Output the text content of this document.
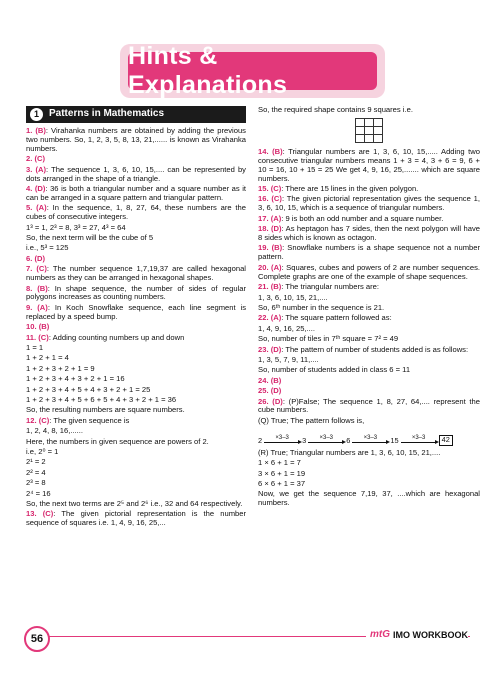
Hints & Explanations
1	Patterns in Mathematics

1. (B): Virahanka numbers are obtained by adding the previous two numbers. So, 1, 2, 3, 5, 8, 13, 21,...... is known as Virahanka numbers.

2. (C)

3. (A): The sequence 1, 3, 6, 10, 15,.... can be represented by dots arranged in the shape of a triangle.

4. (D): 36 is both a triangular number and a square number as it can be arranged in a square pattern and triangular pattern.

5. (A): In the sequence, 1, 8, 27, 64, these numbers are the cubes of consecutive integers.

1³ = 1, 2³ = 8, 3³ = 27, 4³ = 64

So, the next term will be the cube of 5

i.e., 5³ = 125

6. (D)

7. (C): The number sequence 1,7,19,37 are called hexagonal numbers as they can be arranged in hexagonal shapes.

8. (B): In shape sequence, the number of sides of regular polygons increases as counting numbers.

9. (A): In Koch Snowflake sequence, each line segment is replaced by a speed bump.

10. (B)

11. (C): Adding counting numbers up and down

1 = 1

1 + 2 + 1 = 4

1 + 2 + 3 + 2 + 1 = 9

1 + 2 + 3 + 4 + 3 + 2 + 1 = 16

1 + 2 + 3 + 4 + 5 + 4 + 3 + 2 + 1 = 25

1 + 2 + 3 + 4 + 5 + 6 + 5 + 4 + 3 + 2 + 1 = 36

So, the resulting numbers are square numbers.

12. (C): The given sequence is

1, 2, 4, 8, 16,......

Here, the numbers in given sequence are powers of 2.

i.e, 2⁰ = 1

2¹ = 2

2² = 4

2³ = 8

2⁴ = 16

So, the next two terms are 2⁵ and 2⁶ i.e., 32 and 64 respectively.

13. (C): The given pictorial representation is the number sequence of squares i.e. 1, 4, 9, 16, 25,...

So, the required shape contains 9 squares i.e.

14. (B): Triangular numbers are 1, 3, 6, 10, 15,..... Adding two consecutive triangular numbers means 1 + 3 = 4, 3 + 6 = 9, 6 + 10 = 16, 10 + 15 = 25 We get 4, 9, 16, 25,....... which are square numbers.

15. (C): There are 15 lines in the given polygon.

16. (C): The given pictorial representation gives the sequence 1, 3, 6, 10, 15, which is a sequence of triangular numbers.

17. (A): 9 is both an odd number and a square number.

18. (D): As heptagon has 7 sides, then the next polygon will have 8 sides which is known as octagon.

19. (B): Snowflake numbers is a shape sequence not a number pattern.

20. (A): Squares, cubes and powers of 2 are number sequences. Complete graphs are one of the example of shape sequences.

21. (B): The triangular numbers are:

1, 3, 6, 10, 15, 21,....

So, 6ᵗʰ number in the sequence is 21.

22. (A): The square pattern followed as:

1, 4, 9, 16, 25,....

So, number of tiles in 7ᵗʰ square = 7² = 49

23. (D): The pattern of number of students added is as follows:

1, 3, 5, 7, 9, 11,....

So, number of students added in class 6 = 11

24. (B)

25. (D)

26. (D): (P)False; The sequence 1, 8, 27, 64,.... represent the cube numbers.

(Q) True; The pattern follows is,

2 ×3–3 3 ×3–3 6 ×3–3 15 ×3–3	42

(R) True; Triangular numbers are 1, 3, 6, 10, 15, 21,....

1 × 6 + 1 = 7

3 × 6 + 1 = 19

6 × 6 + 1 = 37

Now, we get the sequence 7,19, 37, ....which are hexagonal numbers.

56	mtG IMO WORKBOOK
